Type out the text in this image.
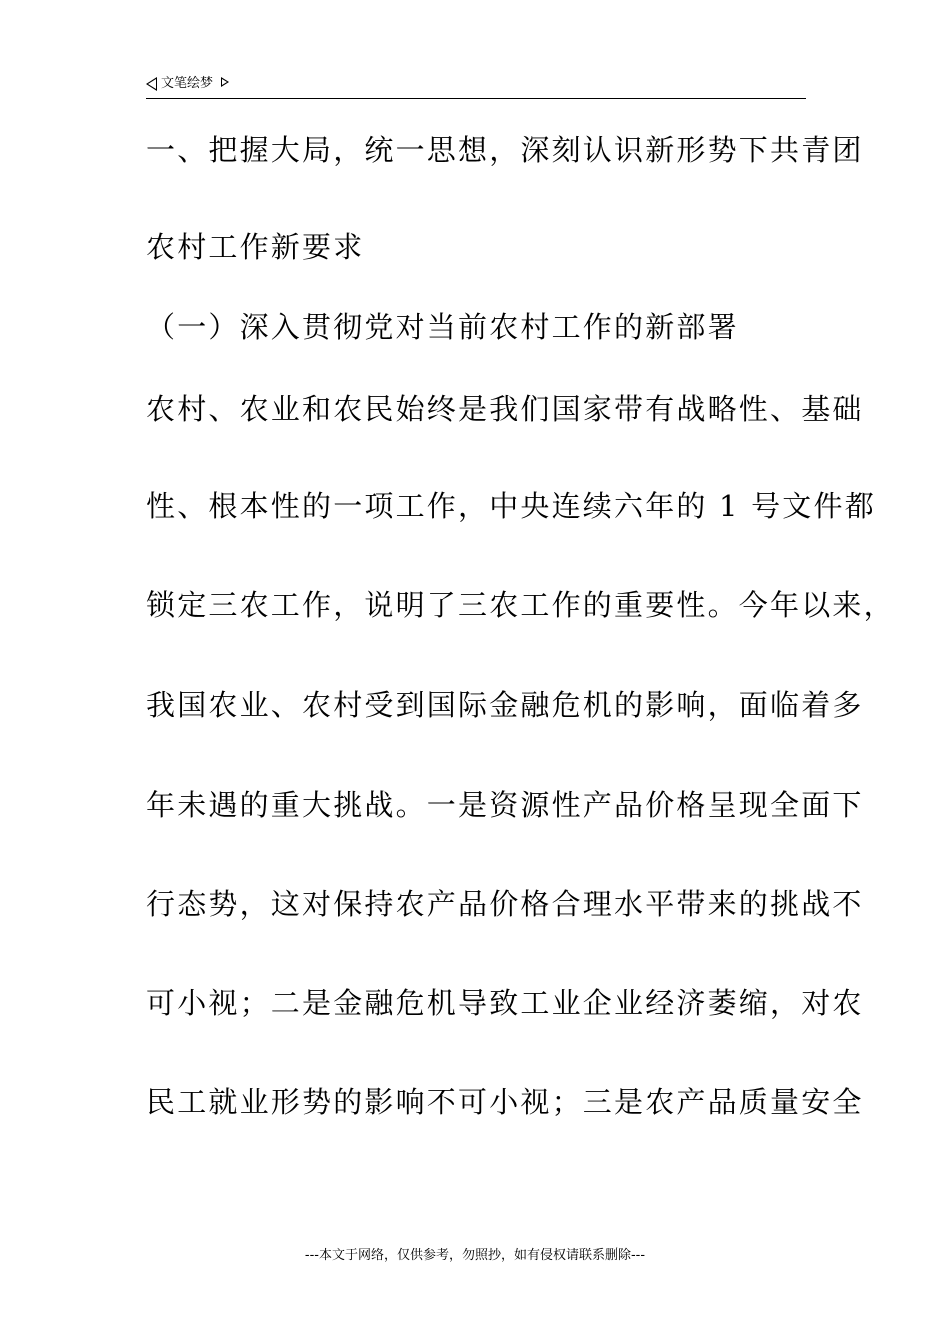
文笔绘梦
一、把握大局，统一思想，深刻认识新形势下共青团
农村工作新要求
（一）深入贯彻党对当前农村工作的新部署
农村、农业和农民始终是我们国家带有战略性、基础
性、根本性的一项工作，中央连续六年的 1 号文件都
锁定三农工作，说明了三农工作的重要性。今年以来，
我国农业、农村受到国际金融危机的影响，面临着多
年未遇的重大挑战。一是资源性产品价格呈现全面下
行态势，这对保持农产品价格合理水平带来的挑战不
可小视；二是金融危机导致工业企业经济萎缩，对农
民工就业形势的影响不可小视；三是农产品质量安全
---本文于网络，仅供参考，勿照抄，如有侵权请联系删除---
